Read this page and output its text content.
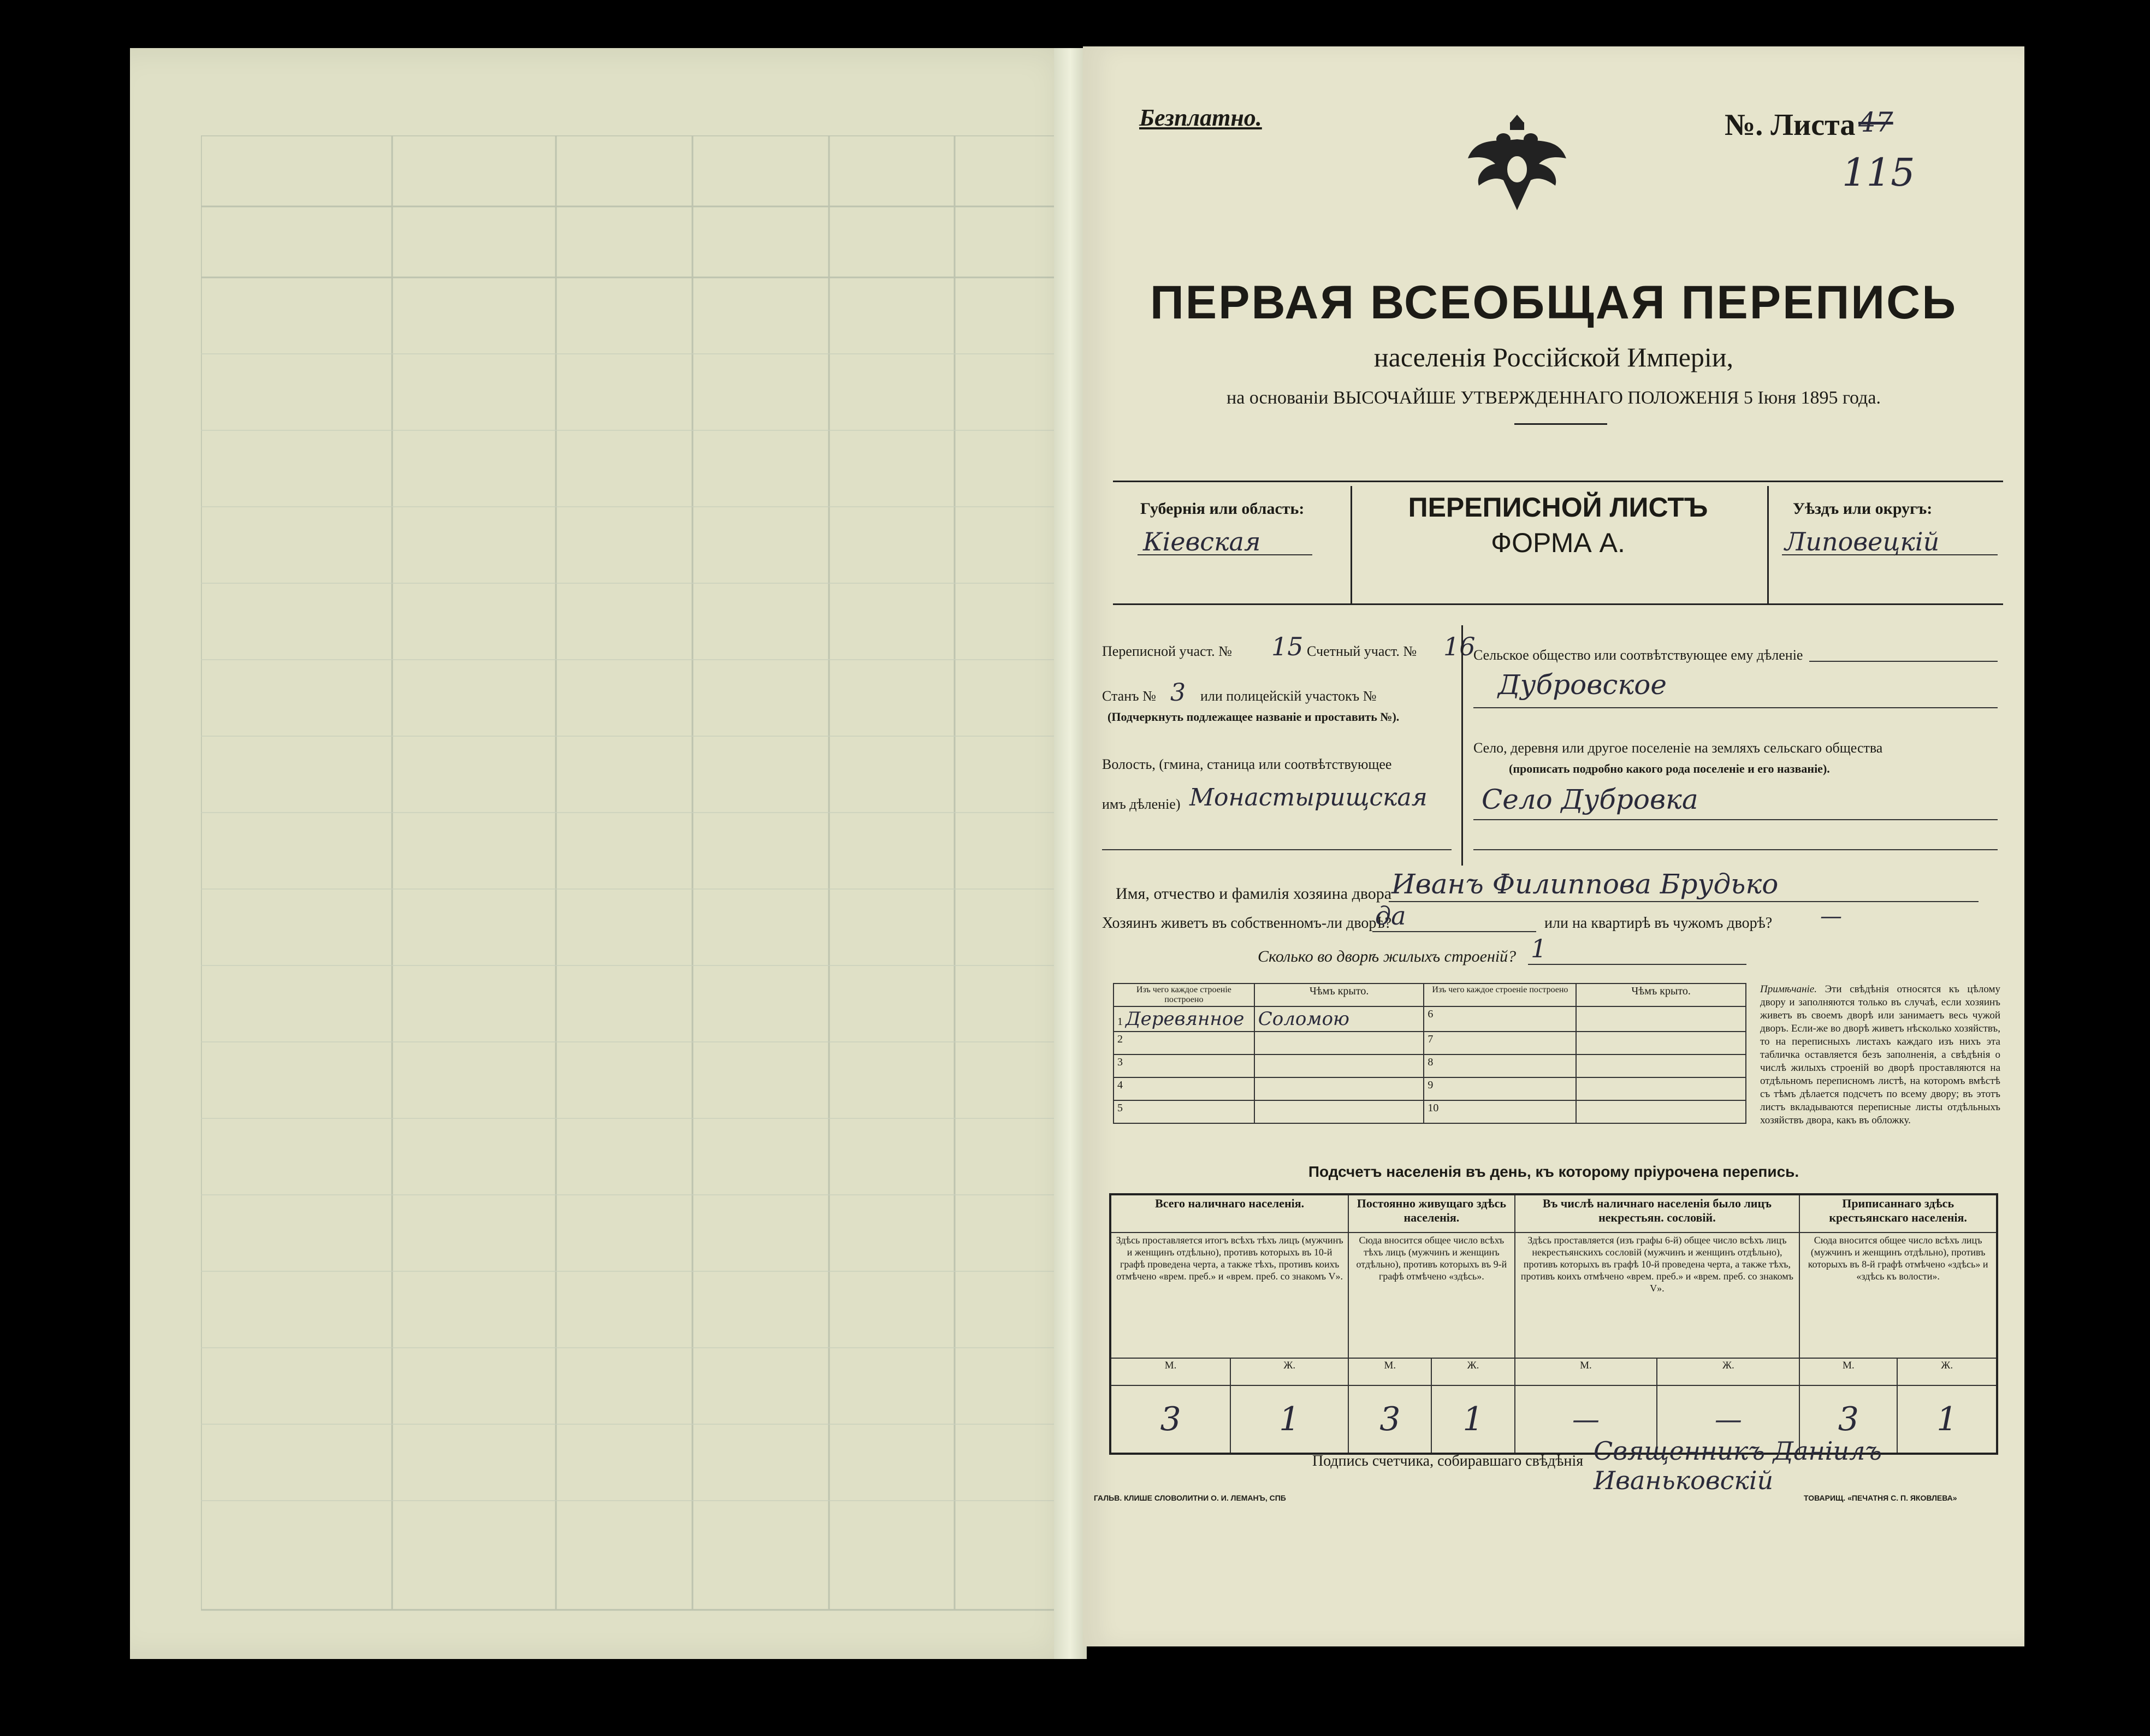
Безплатно.	№. Листа 47
115
ПЕРВАЯ ВСЕОБЩАЯ ПЕРЕПИСЬ
населенія Россійской Имперіи,
на основаніи ВЫСОЧАЙШЕ УТВЕРЖДЕННАГО ПОЛОЖЕНІЯ 5 Іюня 1895 года.
Губернія или область:
Кіевская
ПЕРЕПИСНОЙ ЛИСТЪ
ФОРМА А.
Уѣздъ или округъ:
Липовецкій
Переписной участ. № 15 Счетный участ. № 16
Станъ № 3 или полицейскій участокъ №
(Подчеркнуть подлежащее названіе и проставить №).
Волость, (гмина, станица или соотвѣтствующее
имъ дѣленіе) Монастырищская
Сельское общество или соотвѣтствующее ему дѣленіе
Дубровское
Село, деревня или другое поселеніе на земляхъ сельскаго общества
(прописать подробно какого рода поселеніе и его названіе).
Село Дубровка
Имя, отчество и фамилія хозяина двора Иванъ Филиппова Брудько
Хозяинъ живетъ въ собственномъ-ли дворѣ?
да	или на квартирѣ въ чужомъ дворѣ? —
Сколько во дворѣ жилыхъ строеній? 1
Изъ чего каждое строеніе построено	Чѣмъ крыто.	Изъ чего каждое строеніе построено	Чѣмъ крыто.
1 Деревянное	Соломою	6	
2		7	
3		8	
4		9	
5		10	
Примѣчаніе. Эти свѣдѣнія относятся къ цѣлому двору и заполняются только въ случаѣ, если хозяинъ живетъ въ своемъ дворѣ или занимаетъ весь чужой дворъ. Если-же во дворѣ живетъ нѣсколько хозяйствъ, то на переписныхъ листахъ каждаго изъ нихъ эта табличка оставляется безъ заполненія, а свѣдѣнія о числѣ жилыхъ строеній во дворѣ проставляются на отдѣльномъ переписномъ листѣ, на которомъ вмѣстѣ съ тѣмъ дѣлается подсчетъ по всему двору; въ этотъ листъ вкладываются переписные листы отдѣльныхъ хозяйствъ двора, какъ въ обложку.
Подсчетъ населенія въ день, къ которому пріурочена перепись.
Всего наличнаго населенія.		Постоянно живущаго здѣсь населенія.		Въ числѣ наличнаго населенія было лицъ некрестьян. сословій.		Приписаннаго здѣсь крестьянскаго населенія.	
Здѣсь проставляется итогъ всѣхъ тѣхъ лицъ (мужчинъ и женщинъ отдѣльно), противъ которыхъ въ 10-й графѣ проведена черта, а также тѣхъ, противъ коихъ отмѣчено «врем. преб.» и «врем. преб. со знакомъ V».		Сюда вносится общее число всѣхъ тѣхъ лицъ (мужчинъ и женщинъ отдѣльно), противъ которыхъ въ 9-й графѣ отмѣчено «здѣсь».		Здѣсь проставляется (изъ графы 6-й) общее число всѣхъ лицъ некрестьянскихъ сословій (мужчинъ и женщинъ отдѣльно), противъ которыхъ въ графѣ 10-й проведена черта, а также тѣхъ, противъ коихъ отмѣчено «врем. преб.» и «врем. преб. со знакомъ V».		Сюда вносится общее число всѣхъ лицъ (мужчинъ и женщинъ отдѣльно), противъ которыхъ въ 8-й графѣ отмѣчено «здѣсь» и «здѣсь къ волости».	
М.	Ж.	М.	Ж.	М.	Ж.	М.	Ж.
3	1	3	1	—	—	3	1
Подпись счетчика, собиравшаго свѣдѣнія Священникъ Даніилъ Иваньковскій
ГАЛЬВ. КЛИШЕ СЛОВОЛИТНИ О. И. ЛЕМАНЪ, СПБ	ТОВАРИЩ. «ПЕЧАТНЯ С. П. ЯКОВЛЕВА»
